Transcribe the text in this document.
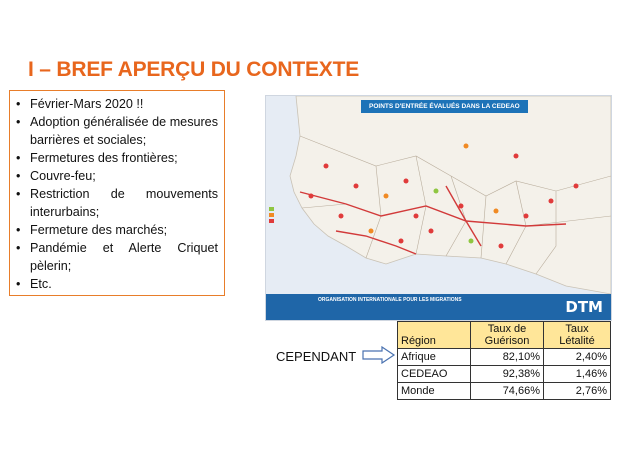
I – BREF APERÇU DU CONTEXTE
• Février-Mars 2020 !!
• Adoption généralisée de mesures barrières et sociales;
• Fermetures des frontières;
• Couvre-feu;
• Restriction de mouvements interurbains;
• Fermeture des marchés;
• Pandémie et Alerte Criquet pèlerin;
• Etc.
POINTS D'ENTRÉE ÉVALUÉS DANS LA CEDEAO
ORGANISATION INTERNATIONALE POUR LES MIGRATIONS	DTM
CEPENDANT
Région	Taux de Guérison	Taux Létalité
Afrique	82,10%	2,40%
CEDEAO	92,38%	1,46%
Monde	74,66%	2,76%
